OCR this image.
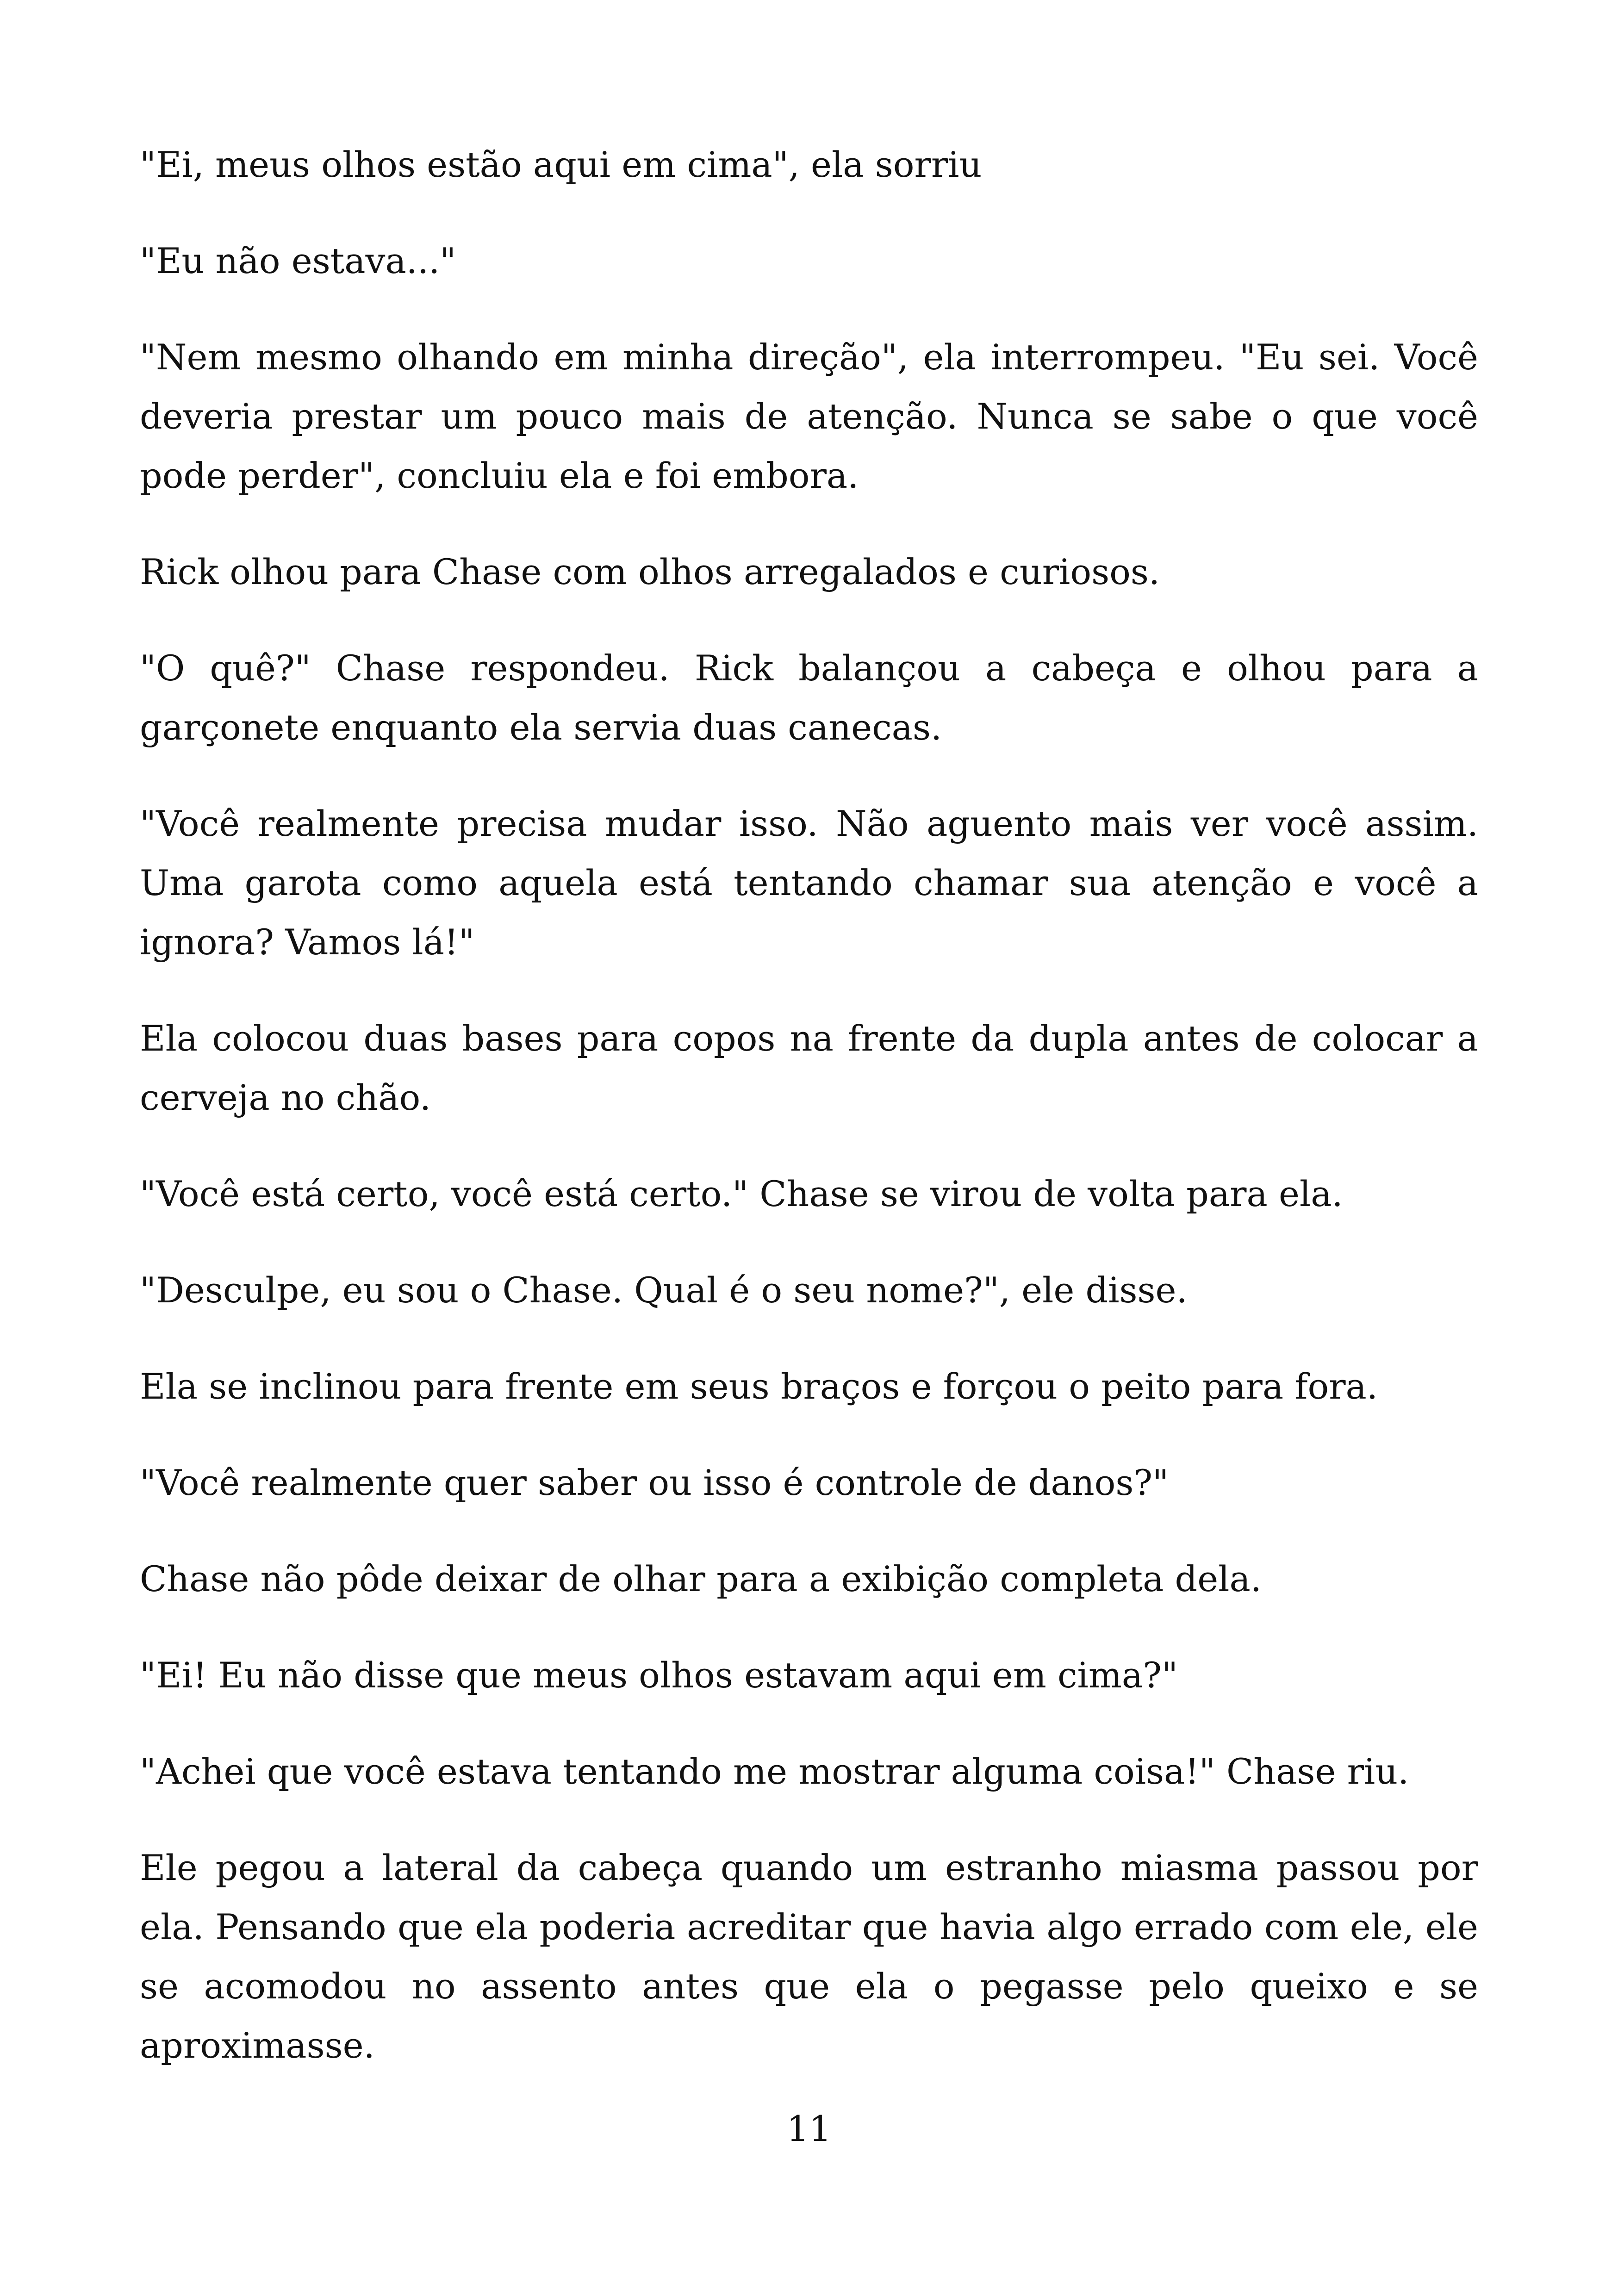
"Ei, meus olhos estão aqui em cima", ela sorriu

"Eu não estava..."

"Nem mesmo olhando em minha direção", ela interrompeu. "Eu sei. Você deveria prestar um pouco mais de atenção. Nunca se sabe o que você pode perder", concluiu ela e foi embora.

Rick olhou para Chase com olhos arregalados e curiosos.

"O quê?" Chase respondeu. Rick balançou a cabeça e olhou para a garçonete enquanto ela servia duas canecas.

"Você realmente precisa mudar isso. Não aguento mais ver você assim. Uma garota como aquela está tentando chamar sua atenção e você a ignora? Vamos lá!"

Ela colocou duas bases para copos na frente da dupla antes de colocar a cerveja no chão.

"Você está certo, você está certo." Chase se virou de volta para ela.

"Desculpe, eu sou o Chase. Qual é o seu nome?", ele disse.

Ela se inclinou para frente em seus braços e forçou o peito para fora.

"Você realmente quer saber ou isso é controle de danos?"

Chase não pôde deixar de olhar para a exibição completa dela.

"Ei! Eu não disse que meus olhos estavam aqui em cima?"

"Achei que você estava tentando me mostrar alguma coisa!" Chase riu.

Ele pegou a lateral da cabeça quando um estranho miasma passou por ela. Pensando que ela poderia acreditar que havia algo errado com ele, ele se acomodou no assento antes que ela o pegasse pelo queixo e se aproximasse.

11
